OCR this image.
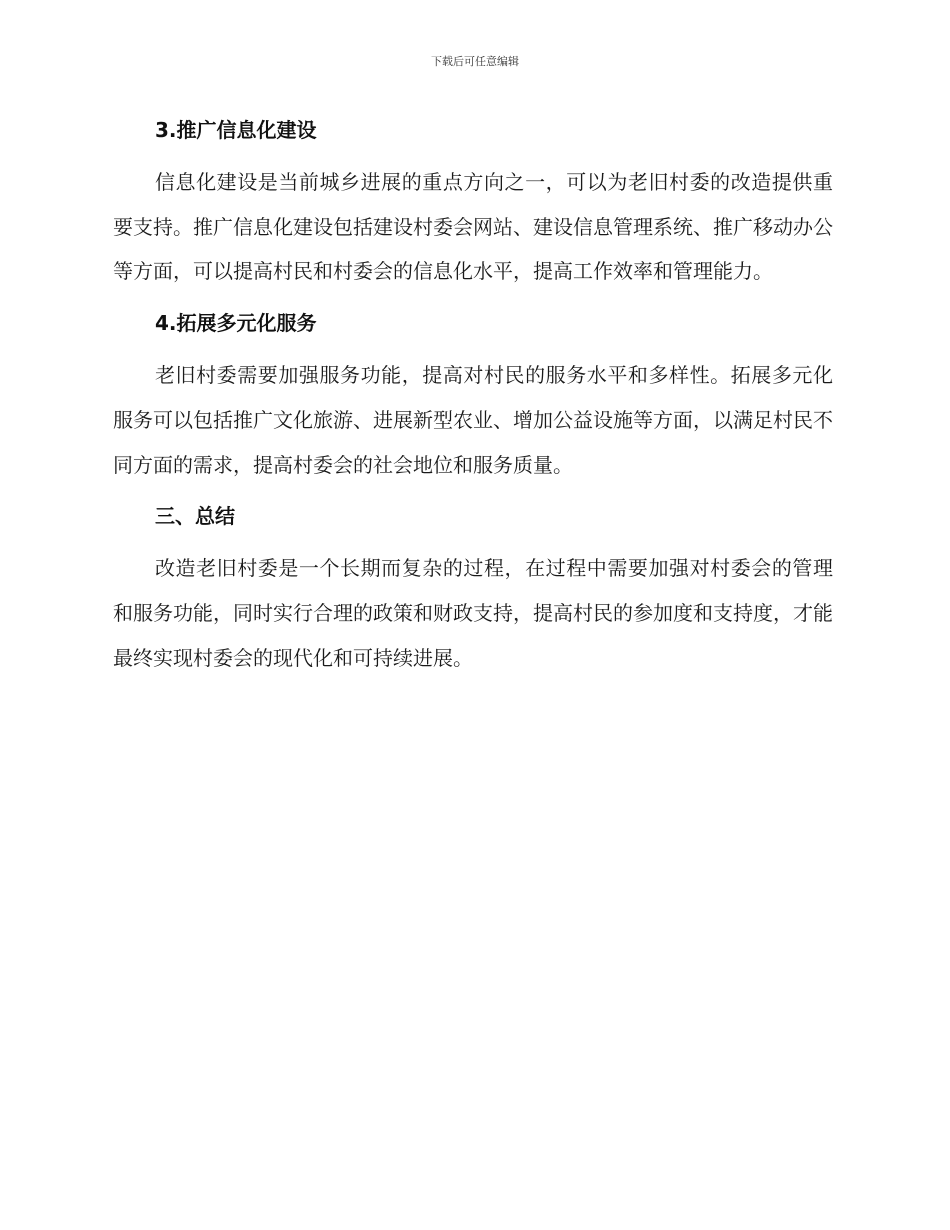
下载后可任意编辑
3.推广信息化建设

信息化建设是当前城乡进展的重点方向之一，可以为老旧村委的改造提供重要支持。推广信息化建设包括建设村委会网站、建设信息管理系统、推广移动办公等方面，可以提高村民和村委会的信息化水平，提高工作效率和管理能力。

4.拓展多元化服务

老旧村委需要加强服务功能，提高对村民的服务水平和多样性。拓展多元化服务可以包括推广文化旅游、进展新型农业、增加公益设施等方面，以满足村民不同方面的需求，提高村委会的社会地位和服务质量。

三、总结

改造老旧村委是一个长期而复杂的过程，在过程中需要加强对村委会的管理和服务功能，同时实行合理的政策和财政支持，提高村民的参加度和支持度，才能最终实现村委会的现代化和可持续进展。
